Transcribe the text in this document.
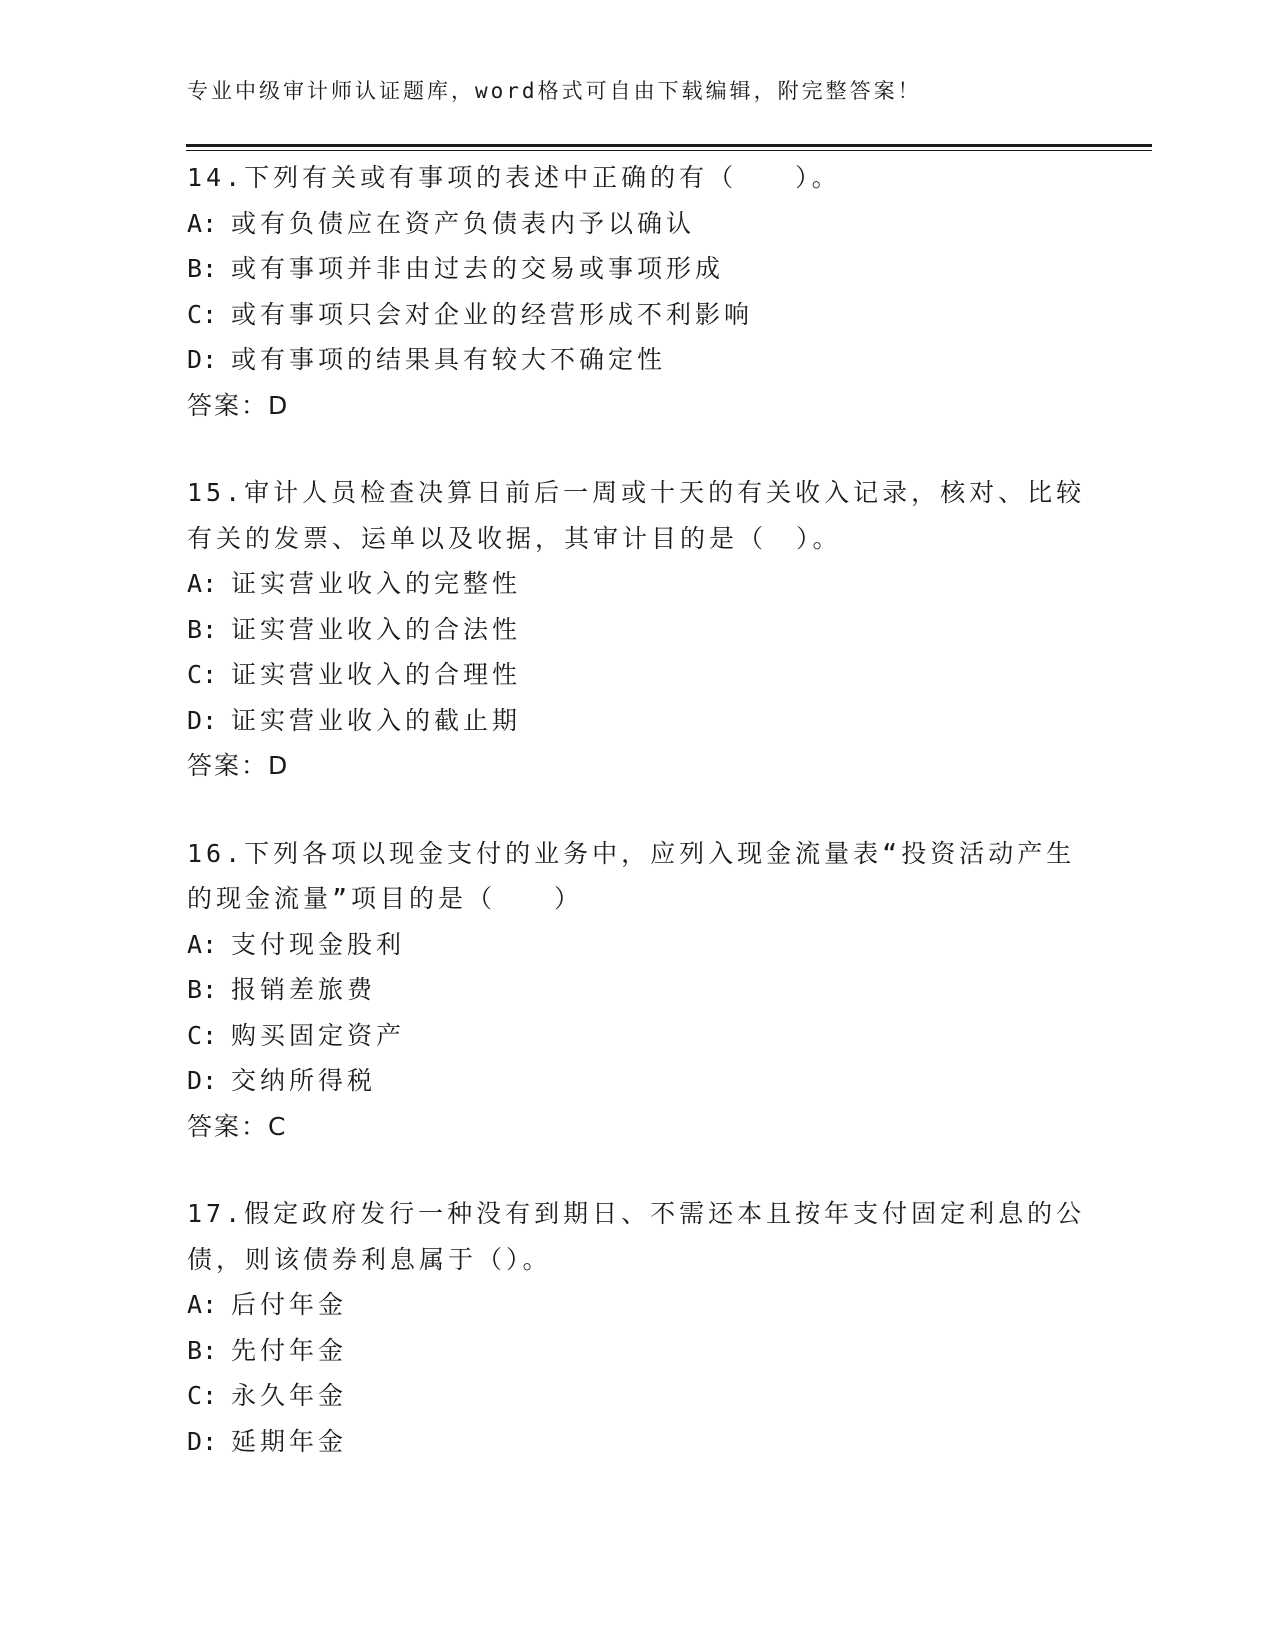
专业中级审计师认证题库，word格式可自由下载编辑，附完整答案！
14.下列有关或有事项的表述中正确的有（　　）。
A: 或有负债应在资产负债表内予以确认
B: 或有事项并非由过去的交易或事项形成
C: 或有事项只会对企业的经营形成不利影响
D: 或有事项的结果具有较大不确定性
答案：D
15.审计人员检查决算日前后一周或十天的有关收入记录，核对、比较有关的发票、运单以及收据，其审计目的是（　）。
A: 证实营业收入的完整性
B: 证实营业收入的合法性
C: 证实营业收入的合理性
D: 证实营业收入的截止期
答案：D
16.下列各项以现金支付的业务中，应列入现金流量表“投资活动产生的现金流量”项目的是（　　）
A: 支付现金股利
B: 报销差旅费
C: 购买固定资产
D: 交纳所得税
答案：C
17.假定政府发行一种没有到期日、不需还本且按年支付固定利息的公债，则该债券利息属于（）。
A: 后付年金
B: 先付年金
C: 永久年金
D: 延期年金
